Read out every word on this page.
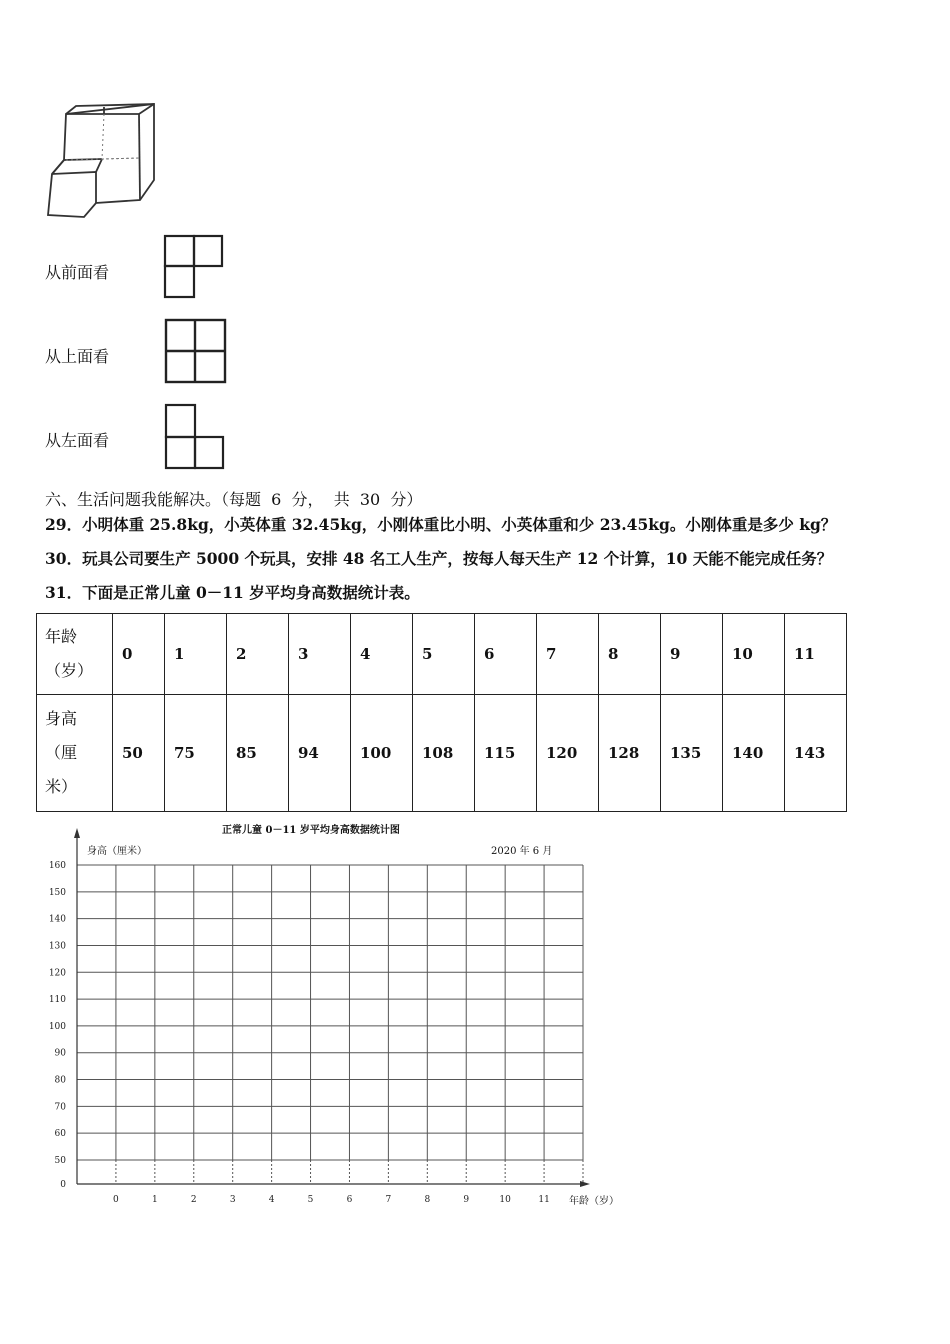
从前面看
从上面看
从左面看
六、生活问题我能解决。（每题  6  分，  共  30  分）
29．小明体重 25.8kg，小英体重 32.45kg，小刚体重比小明、小英体重和少 23.45kg。小刚体重是多少 kg？
30．玩具公司要生产 5000 个玩具，安排 48 名工人生产，按每人每天生产 12 个计算，10 天能不能完成任务？
31．下面是正常儿童 0－11 岁平均身高数据统计表。
年龄
（岁）	0	1	2	3	4	5	6	7	8	9	10	11

身高
（厘
米）	50	75	85	94	100	108	115	120	128	135	140	143
正常儿童 0－11 岁平均身高数据统计图
2020 年 6 月
身高（厘米）
年龄（岁）
0
50
60
70
80
90
100
110
120
130
140
150
160
0	1	2	3	4	5	6	7	8	9	10	11
